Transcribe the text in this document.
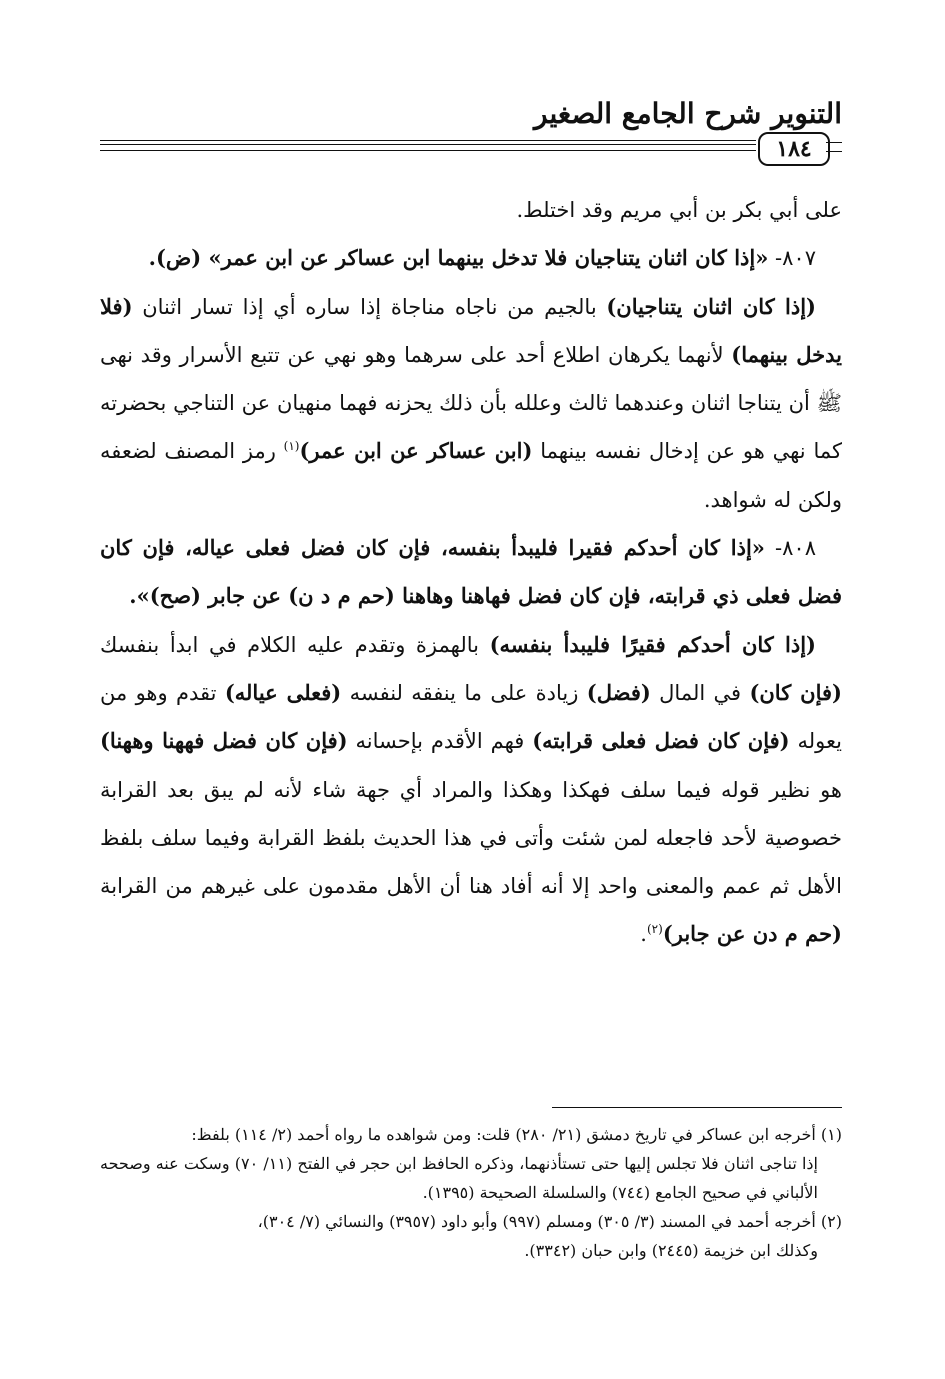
التنوير شرح الجامع الصغير
١٨٤

على أبي بكر بن أبي مريم وقد اختلط.

٨٠٧- «إذا كان اثنان يتناجيان فلا تدخل بينهما ابن عساكر عن ابن عمر» (ض).

(إذا كان اثنان يتناجيان) بالجيم من ناجاه مناجاة إذا ساره أي إذا تسار اثنان (فلا يدخل بينهما) لأنهما يكرهان اطلاع أحد على سرهما وهو نهي عن تتبع الأسرار وقد نهى ﷺ أن يتناجا اثنان وعندهما ثالث وعلله بأن ذلك يحزنه فهما منهيان عن التناجي بحضرته كما نهي هو عن إدخال نفسه بينهما (ابن عساكر عن ابن عمر)$^{(١)}$ رمز المصنف لضعفه ولكن له شواهد.

٨٠٨- «إذا كان أحدكم فقيرا فليبدأ بنفسه، فإن كان فضل فعلى عياله، فإن كان فضل فعلى ذي قرابته، فإن كان فضل فهاهنا وهاهنا (حم م د ن) عن جابر (صح)».

(إذا كان أحدكم فقيرًا فليبدأ بنفسه) بالهمزة وتقدم عليه الكلام في ابدأ بنفسك (فإن كان) في المال (فضل) زيادة على ما ينفقه لنفسه (فعلى عياله) تقدم وهو من يعوله (فإن كان فضل فعلى قرابته) فهم الأقدم بإحسانه (فإن كان فضل فههنا وههنا) هو نظير قوله فيما سلف فهكذا وهكذا والمراد أي جهة شاء لأنه لم يبق بعد القرابة خصوصية لأحد فاجعله لمن شئت وأتى في هذا الحديث بلفظ القرابة وفيما سلف بلفظ الأهل ثم عمم والمعنى واحد إلا أنه أفاد هنا أن الأهل مقدمون على غيرهم من القرابة (حم م دن عن جابر)$^{(٢)}$.

(١) أخرجه ابن عساكر في تاريخ دمشق (٢١/ ٢٨٠) قلت: ومن شواهده ما رواه أحمد (٢/ ١١٤) بلفظ:

إذا تناجى اثنان فلا تجلس إليها حتى تستأذنهما، وذكره الحافظ ابن حجر في الفتح (١١/ ٧٠) وسكت عنه وصححه الألباني في صحيح الجامع (٧٤٤) والسلسلة الصحيحة (١٣٩٥).

(٢) أخرجه أحمد في المسند (٣/ ٣٠٥) ومسلم (٩٩٧) وأبو داود (٣٩٥٧) والنسائي (٧/ ٣٠٤)،

وكذلك ابن خزيمة (٢٤٤٥) وابن حبان (٣٣٤٢).
